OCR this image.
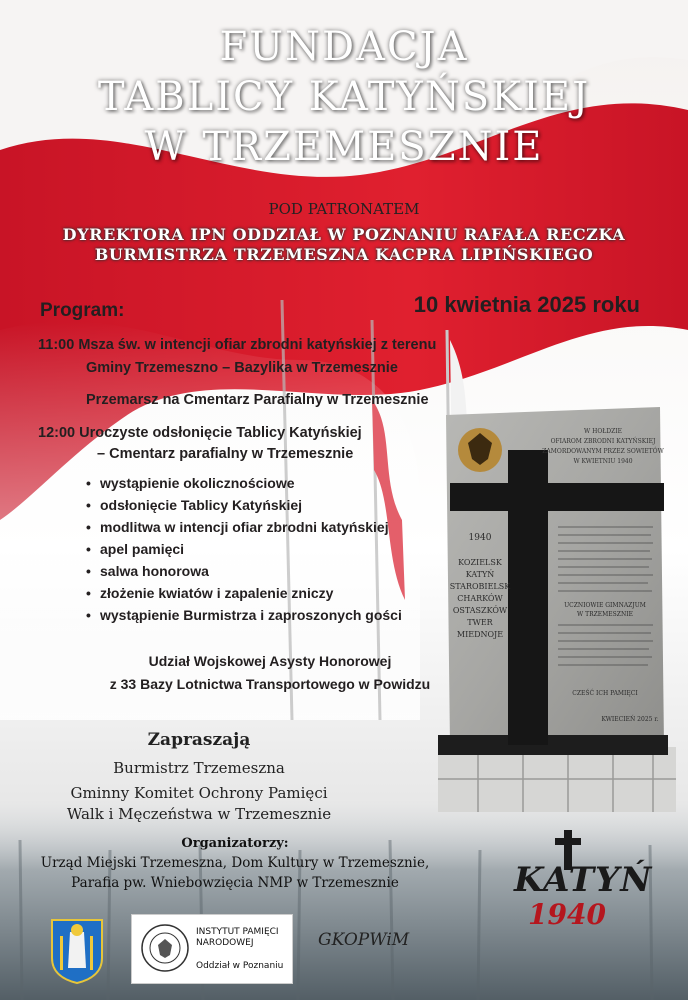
FUNDACJA
TABLICY KATYŃSKIEJ
W TRZEMESZNIE
POD PATRONATEM
DYREKTORA IPN ODDZIAŁ W POZNANIU RAFAŁA RECZKA
BURMISTRZA TRZEMESZNA KACPRA LIPIŃSKIEGO
Program:	10 kwietnia 2025 roku
11:00 Msza św. w intencji ofiar zbrodni katyńskiej z terenu
Gminy Trzemeszno – Bazylika w Trzemesznie
Przemarsz na Cmentarz Parafialny w Trzemesznie
12:00 Uroczyste odsłonięcie Tablicy Katyńskiej
– Cmentarz parafialny w Trzemesznie
• wystąpienie okolicznościowe
• odsłonięcie Tablicy Katyńskiej
• modlitwa w intencji ofiar zbrodni katyńskiej
• apel pamięci
• salwa honorowa
• złożenie kwiatów i zapalenie zniczy
• wystąpienie Burmistrza i zaproszonych gości
Udział Wojskowej Asysty Honorowej
z 33 Bazy Lotnictwa Transportowego w Powidzu
Zapraszają
Burmistrz Trzemeszna
Gminny Komitet Ochrony Pamięci
Walk i Męczeństwa w Trzemesznie
Organizatorzy:
Urząd Miejski Trzemeszna, Dom Kultury w Trzemesznie,
Parafia pw. Wniebowzięcia NMP w Trzemesznie
W HOŁDZIE
OFIAROM ZBRODNI KATYŃSKIEJ
ZAMORDOWANYM PRZEZ SOWIETÓW
W KWIETNIU 1940
1940
KOZIELSK
KATYŃ
STAROBIELSK
CHARKÓW
OSTASZKÓW
TWER
MIEDNOJE
UCZNIOWIE GIMNAZJUM
W TRZEMESZNIE
CZEŚĆ ICH PAMIĘCI
KWIECIEŃ 2025 r.
KATYŃ
1940
INSTYTUT PAMIĘCI
NARODOWEJ
Oddział w Poznaniu
GKOPWiM
